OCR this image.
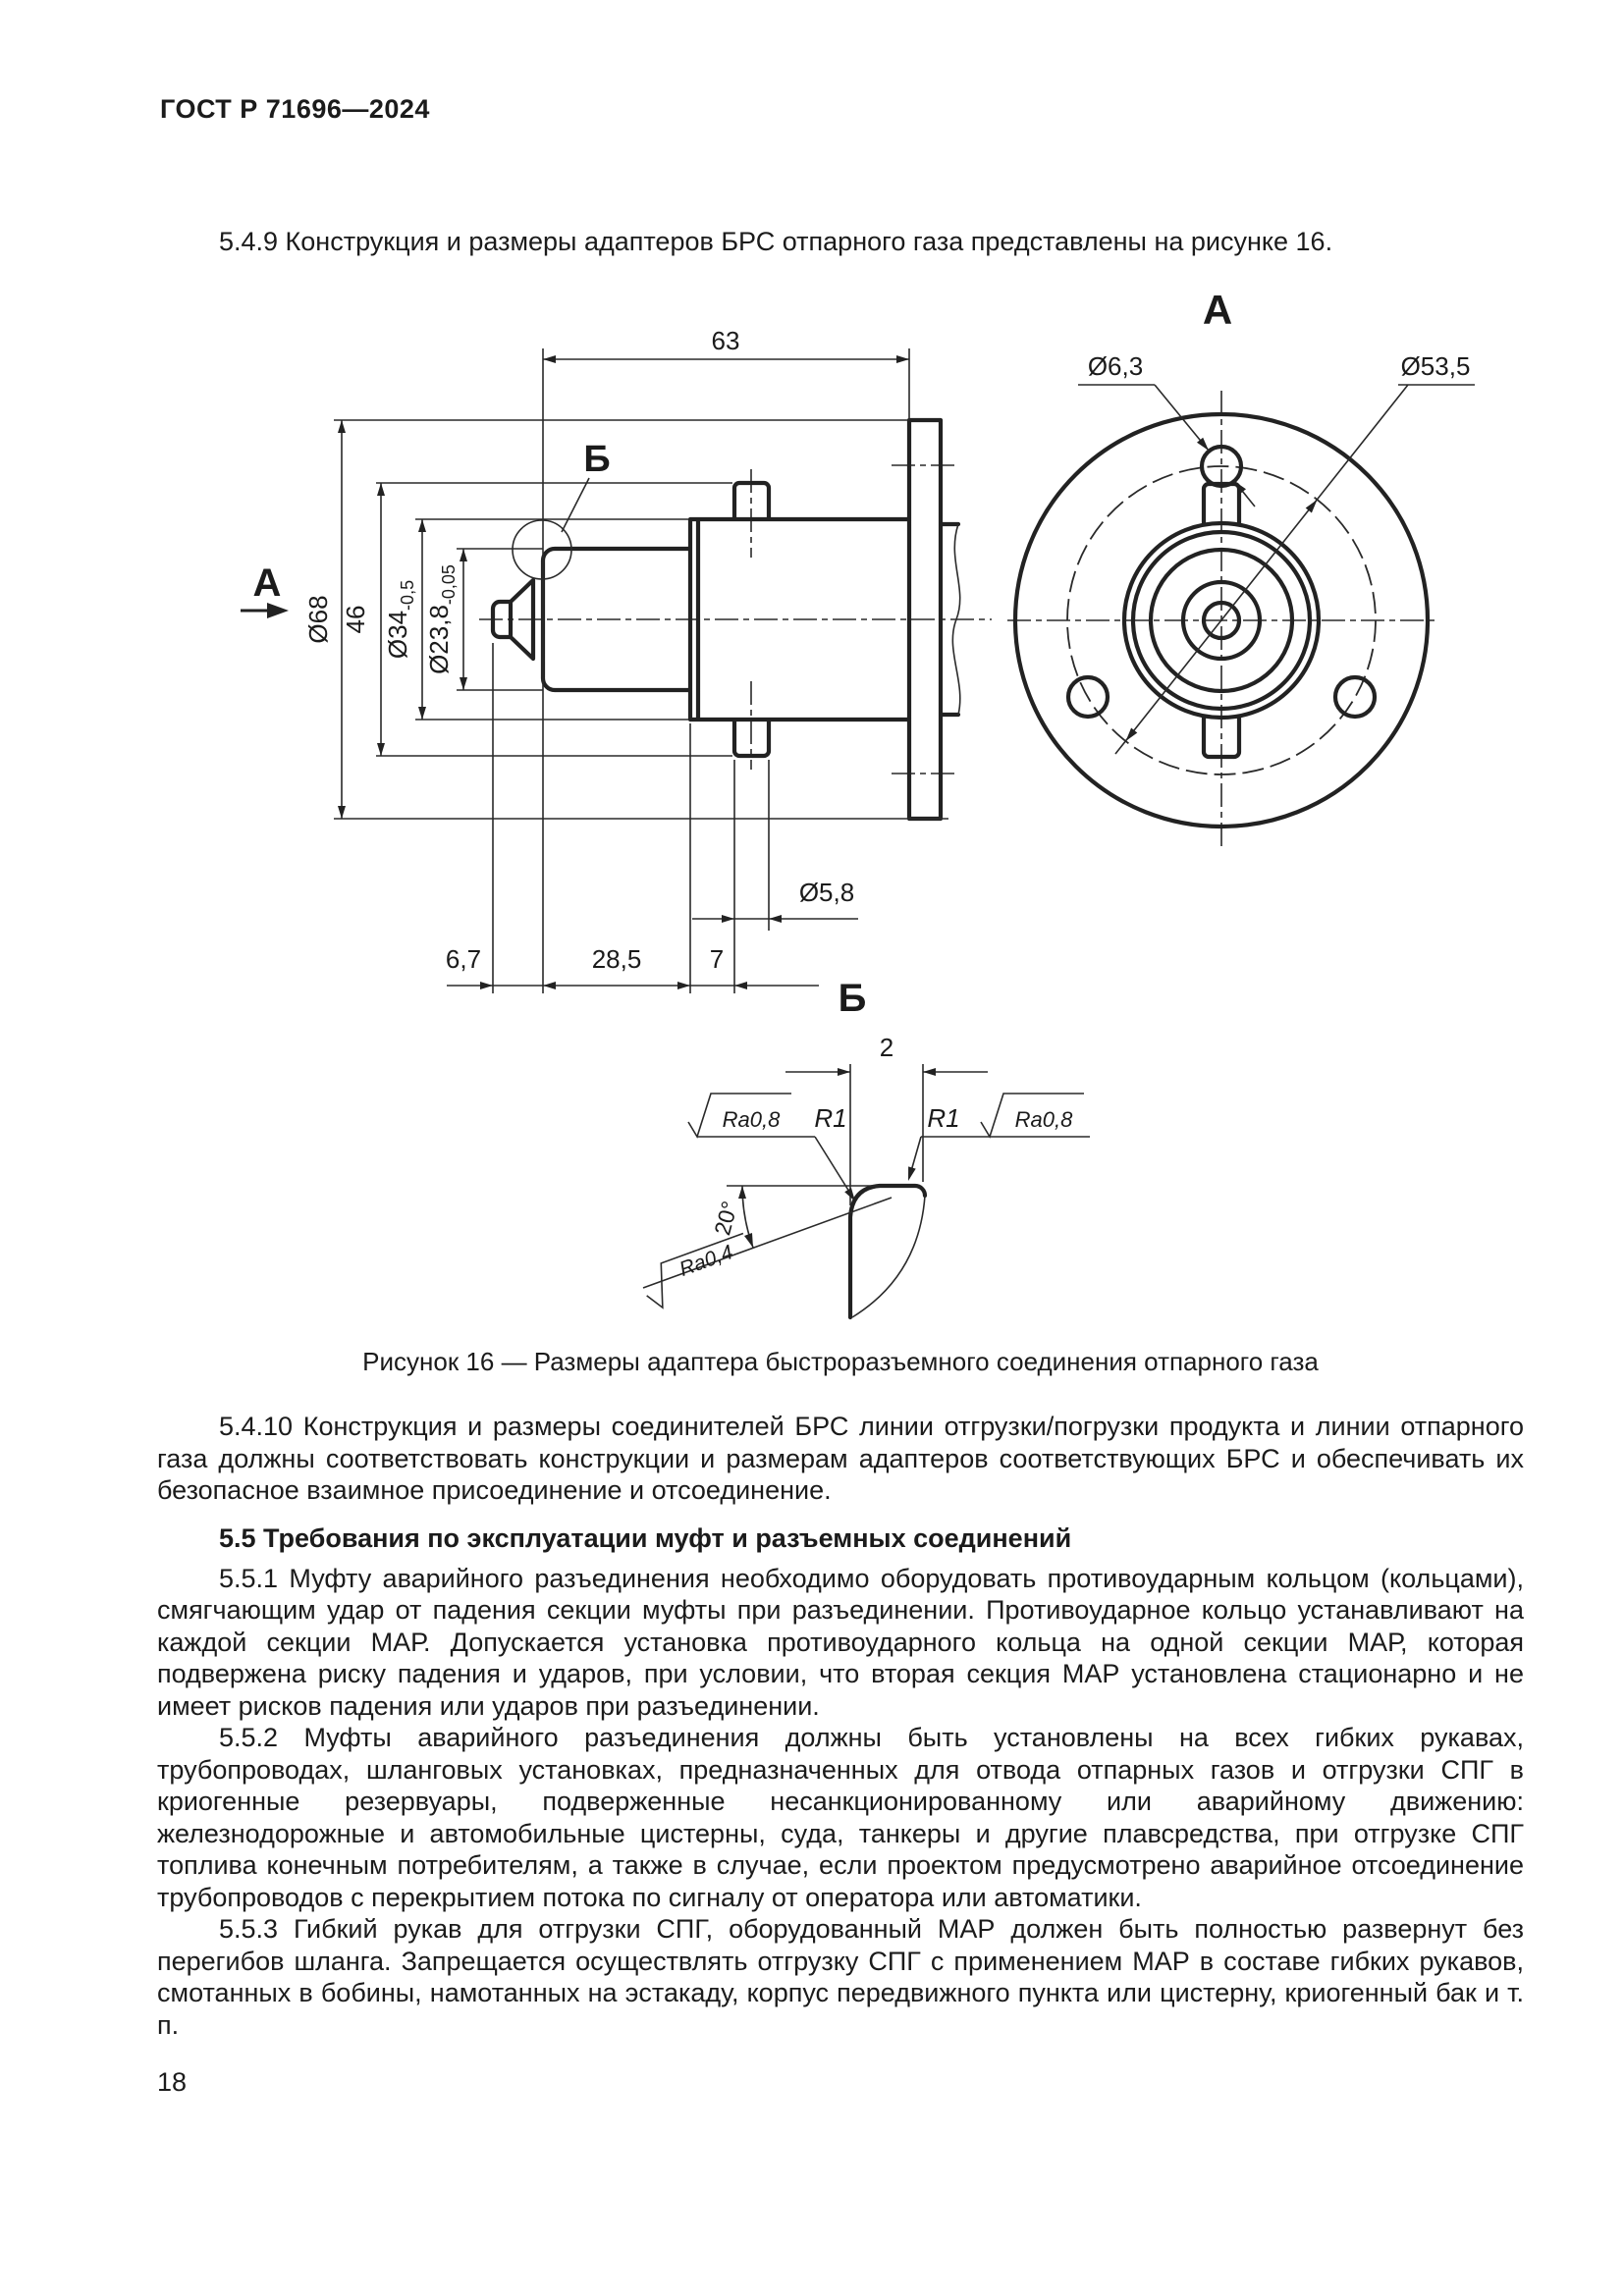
ГОСТ Р 71696—2024

5.4.9 Конструкция и размеры адаптеров БРС отпарного газа представлены на рисунке 16.

А
Б
63
Ø68 46 $Ø34_{-0,5}$
$Ø23,8_{-0,05}$
Ø5,8
6,7	28,5	7
А
Ø6,3	Ø53,5
Б
2
R1	R1
Ra0,8	Ra0,8
20°
Ra0,4
Рисунок 16 — Размеры адаптера быстроразъемного соединения отпарного газа

5.4.10 Конструкция и размеры соединителей БРС линии отгрузки/погрузки продукта и линии отпарного газа должны соответствовать конструкции и размерам адаптеров соответствующих БРС и обеспечивать их безопасное взаимное присоединение и отсоединение.

5.5 Требования по эксплуатации муфт и разъемных соединений

5.5.1 Муфту аварийного разъединения необходимо оборудовать противоударным кольцом (кольцами), смягчающим удар от падения секции муфты при разъединении. Противоударное кольцо устанавливают на каждой секции МАР. Допускается установка противоударного кольца на одной секции МАР, которая подвержена риску падения и ударов, при условии, что вторая секция МАР установлена стационарно и не имеет рисков падения или ударов при разъединении.

5.5.2 Муфты аварийного разъединения должны быть установлены на всех гибких рукавах, трубопроводах, шланговых установках, предназначенных для отвода отпарных газов и отгрузки СПГ в криогенные резервуары, подверженные несанкционированному или аварийному движению: железнодорожные и автомобильные цистерны, суда, танкеры и другие плавсредства, при отгрузке СПГ топлива конечным потребителям, а также в случае, если проектом предусмотрено аварийное отсоединение трубопроводов с перекрытием потока по сигналу от оператора или автоматики.

5.5.3 Гибкий рукав для отгрузки СПГ, оборудованный МАР должен быть полностью развернут без перегибов шланга. Запрещается осуществлять отгрузку СПГ с применением МАР в составе гибких рукавов, смотанных в бобины, намотанных на эстакаду, корпус передвижного пункта или цистерну, криогенный бак и т. п.

18
